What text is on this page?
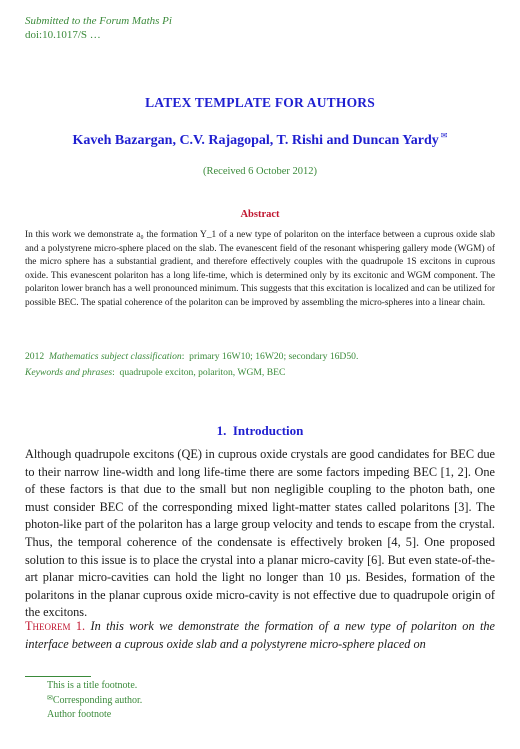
Submitted to the Forum Maths Pi
doi:10.1017/S …
LATEX TEMPLATE FOR AUTHORS
Kaveh Bazargan, C.V. Rajagopal, T. Rishi and Duncan Yardy ✉
(Received 6 October 2012)
Abstract
In this work we demonstrate a₀ the formation Y_1 of a new type of polariton on the interface between a cuprous oxide slab and a polystyrene micro-sphere placed on the slab. The evanescent field of the resonant whispering gallery mode (WGM) of the micro sphere has a substantial gradient, and therefore effectively couples with the quadrupole 1S excitons in cuprous oxide. This evanescent polariton has a long life-time, which is determined only by its excitonic and WGM component. The polariton lower branch has a well pronounced minimum. This suggests that this excitation is localized and can be utilized for possible BEC. The spatial coherence of the polariton can be improved by assembling the micro-spheres into a linear chain.
2012 Mathematics subject classification:  primary 16W10; 16W20; secondary 16D50.
Keywords and phrases:  quadrupole exciton, polariton, WGM, BEC
1. Introduction
Although quadrupole excitons (QE) in cuprous oxide crystals are good candidates for BEC due to their narrow line-width and long life-time there are some factors impeding BEC [1, 2]. One of these factors is that due to the small but non negligible coupling to the photon bath, one must consider BEC of the corresponding mixed light-matter states called polaritons [3]. The photon-like part of the polariton has a large group velocity and tends to escape from the crystal. Thus, the temporal coherence of the condensate is effectively broken [4, 5]. One proposed solution to this issue is to place the crystal into a planar micro-cavity [6]. But even state-of-the-art planar micro-cavities can hold the light no longer than 10 µs. Besides, formation of the polaritons in the planar cuprous oxide micro-cavity is not effective due to quadrupole origin of the excitons.
Theorem 1. In this work we demonstrate the formation of a new type of polariton on the interface between a cuprous oxide slab and a polystyrene micro-sphere placed on
This is a title footnote.
✉Corresponding author.
Author footnote
